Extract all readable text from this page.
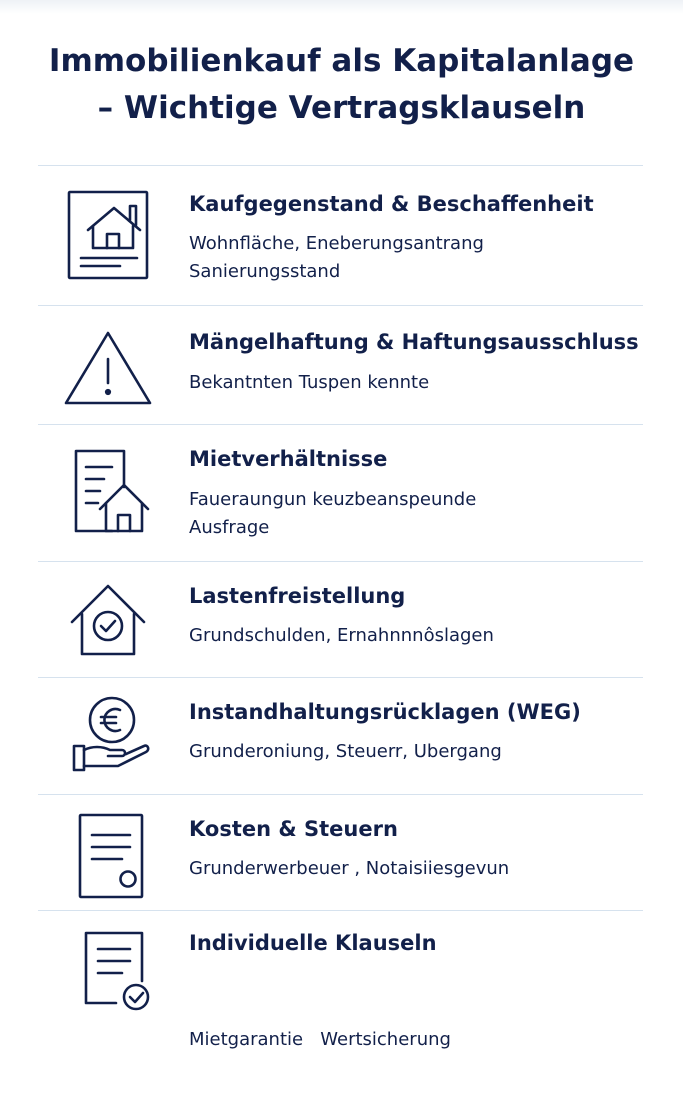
Immobilienkauf als Kapitalanlage
– Wichtige Vertragsklauseln
Kaufgegenstand & Beschaffenheit
Wohnfläche, Eneberungsantrang
Sanierungsstand
Mängelhaftung & Haftungsausschluss
Bekantnten Tuspen kennte
Mietverhältnisse
Faueraungun keuzbeanspeunde
Ausfrage
Lastenfreistellung
Grundschulden, Ernahnnnôslagen
Instandhaltungsrücklagen (WEG)
Grunderoniung, Steuerr, Ubergang
Kosten & Steuern
Grunderwerbeuer , Notaisiiesgevun
Individuelle Klauseln

Mietgarantie   Wertsicherung
